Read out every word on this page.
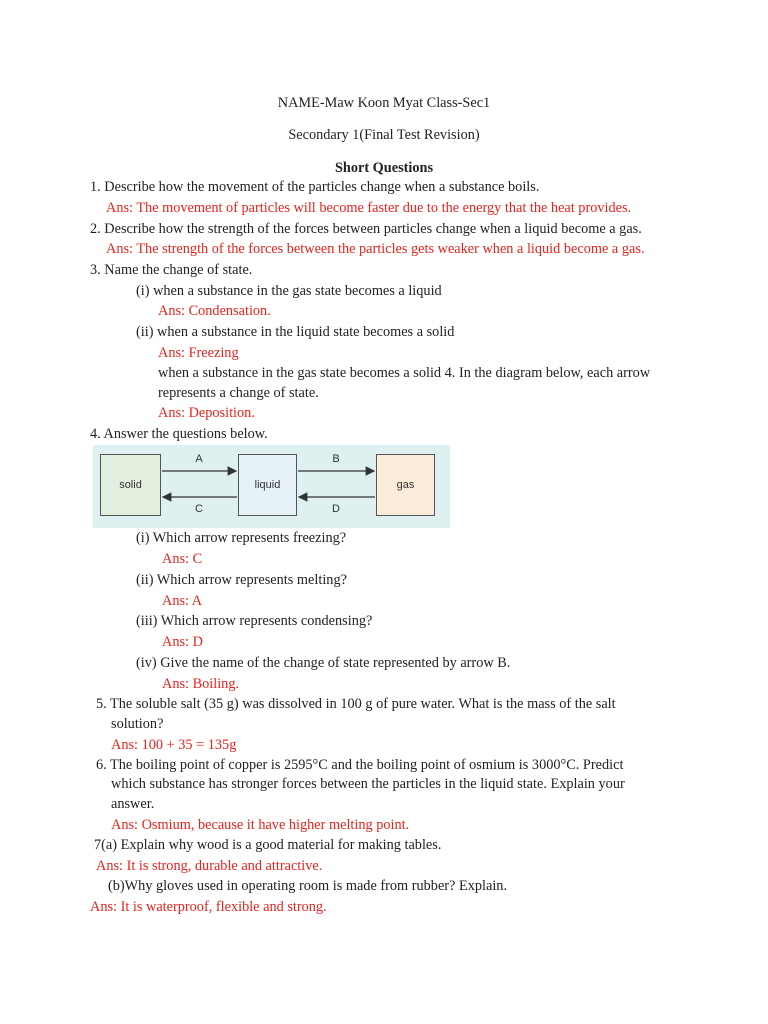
NAME-Maw Koon Myat Class-Sec1
Secondary 1(Final Test Revision)
Short Questions
1. Describe how the movement of the particles change when a substance boils.
Ans: The movement of particles will become faster due to the energy that the heat provides.
2. Describe how the strength of the forces between particles change when a liquid become a gas.
Ans: The strength of the forces between the particles gets weaker when a liquid become a gas.
3. Name the change of state.
(i) when a substance in the gas state becomes a liquid
Ans: Condensation.
(ii) when a substance in the liquid state becomes a solid
Ans: Freezing
when a substance in the gas state becomes a solid 4. In the diagram below, each arrow
represents a change of state.
Ans: Deposition.
4. Answer the questions below.
solid	liquid	gas
A
C
B
D
(i) Which arrow represents freezing?
Ans: C
(ii) Which arrow represents melting?
Ans: A
(iii) Which arrow represents condensing?
Ans: D
(iv) Give the name of the change of state represented by arrow B.
Ans: Boiling.
5. The soluble salt (35 g) was dissolved in 100 g of pure water. What is the mass of the salt
solution?
Ans: 100 + 35 = 135g
6. The boiling point of copper is 2595°C and the boiling point of osmium is 3000°C. Predict
which substance has stronger forces between the particles in the liquid state. Explain your
answer.
Ans: Osmium, because it have higher melting point.
7(a) Explain why wood is a good material for making tables.
Ans: It is strong, durable and attractive.
(b)Why gloves used in operating room is made from rubber? Explain.
Ans: It is waterproof, flexible and strong.
